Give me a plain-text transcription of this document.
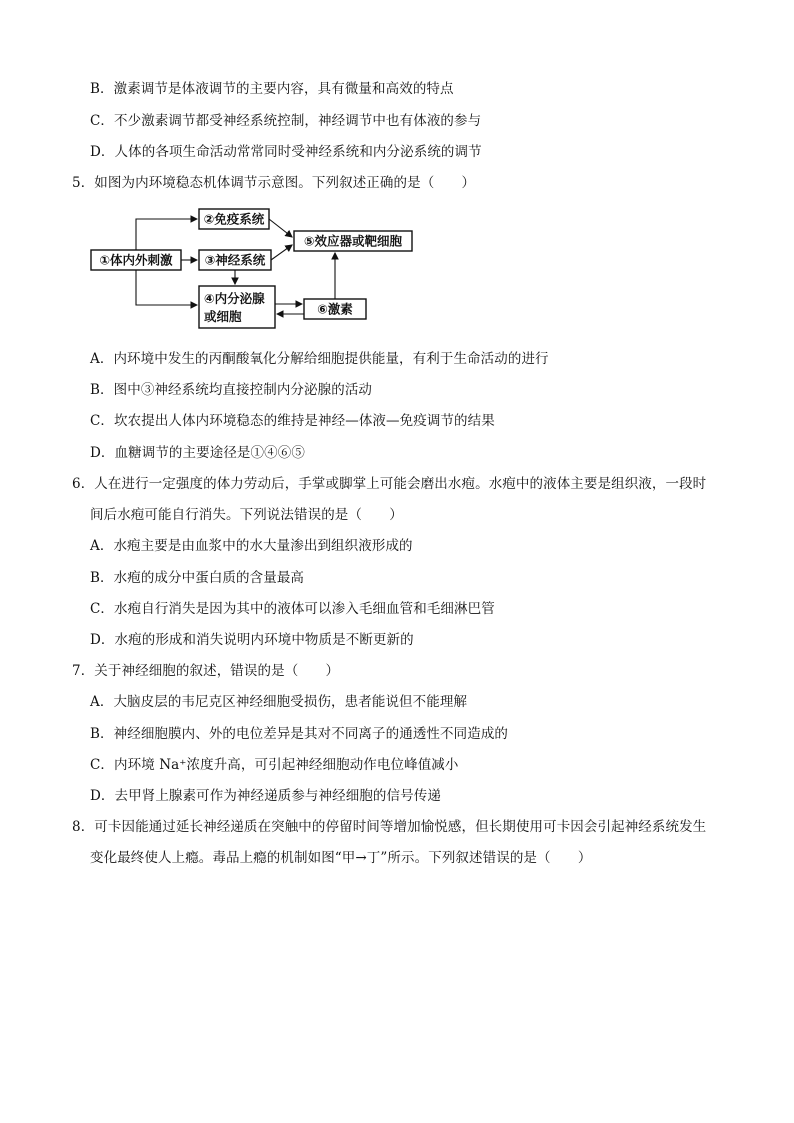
B．激素调节是体液调节的主要内容，具有微量和高效的特点
C．不少激素调节都受神经系统控制，神经调节中也有体液的参与
D．人体的各项生命活动常常同时受神经系统和内分泌系统的调节
5．如图为内环境稳态机体调节示意图。下列叙述正确的是（　　）
②免疫系统
⑤效应器或靶细胞
①体内外刺激	③神经系统
④内分泌腺
或细胞	⑥激素
A．内环境中发生的丙酮酸氧化分解给细胞提供能量，有利于生命活动的进行
B．图中③神经系统均直接控制内分泌腺的活动
C．坎农提出人体内环境稳态的维持是神经—体液—免疫调节的结果
D．血糖调节的主要途径是①④⑥⑤
6．人在进行一定强度的体力劳动后，手掌或脚掌上可能会磨出水疱。水疱中的液体主要是组织液，一段时
间后水疱可能自行消失。下列说法错误的是（　　）
A．水疱主要是由血浆中的水大量渗出到组织液形成的
B．水疱的成分中蛋白质的含量最高
C．水疱自行消失是因为其中的液体可以渗入毛细血管和毛细淋巴管
D．水疱的形成和消失说明内环境中物质是不断更新的
7．关于神经细胞的叙述，错误的是（　　）
A．大脑皮层的韦尼克区神经细胞受损伤，患者能说但不能理解
B．神经细胞膜内、外的电位差异是其对不同离子的通透性不同造成的
C．内环境 Na⁺浓度升高，可引起神经细胞动作电位峰值减小
D．去甲肾上腺素可作为神经递质参与神经细胞的信号传递
8．可卡因能通过延长神经递质在突触中的停留时间等增加愉悦感，但长期使用可卡因会引起神经系统发生
变化最终使人上瘾。毒品上瘾的机制如图“甲→丁”所示。下列叙述错误的是（　　）
